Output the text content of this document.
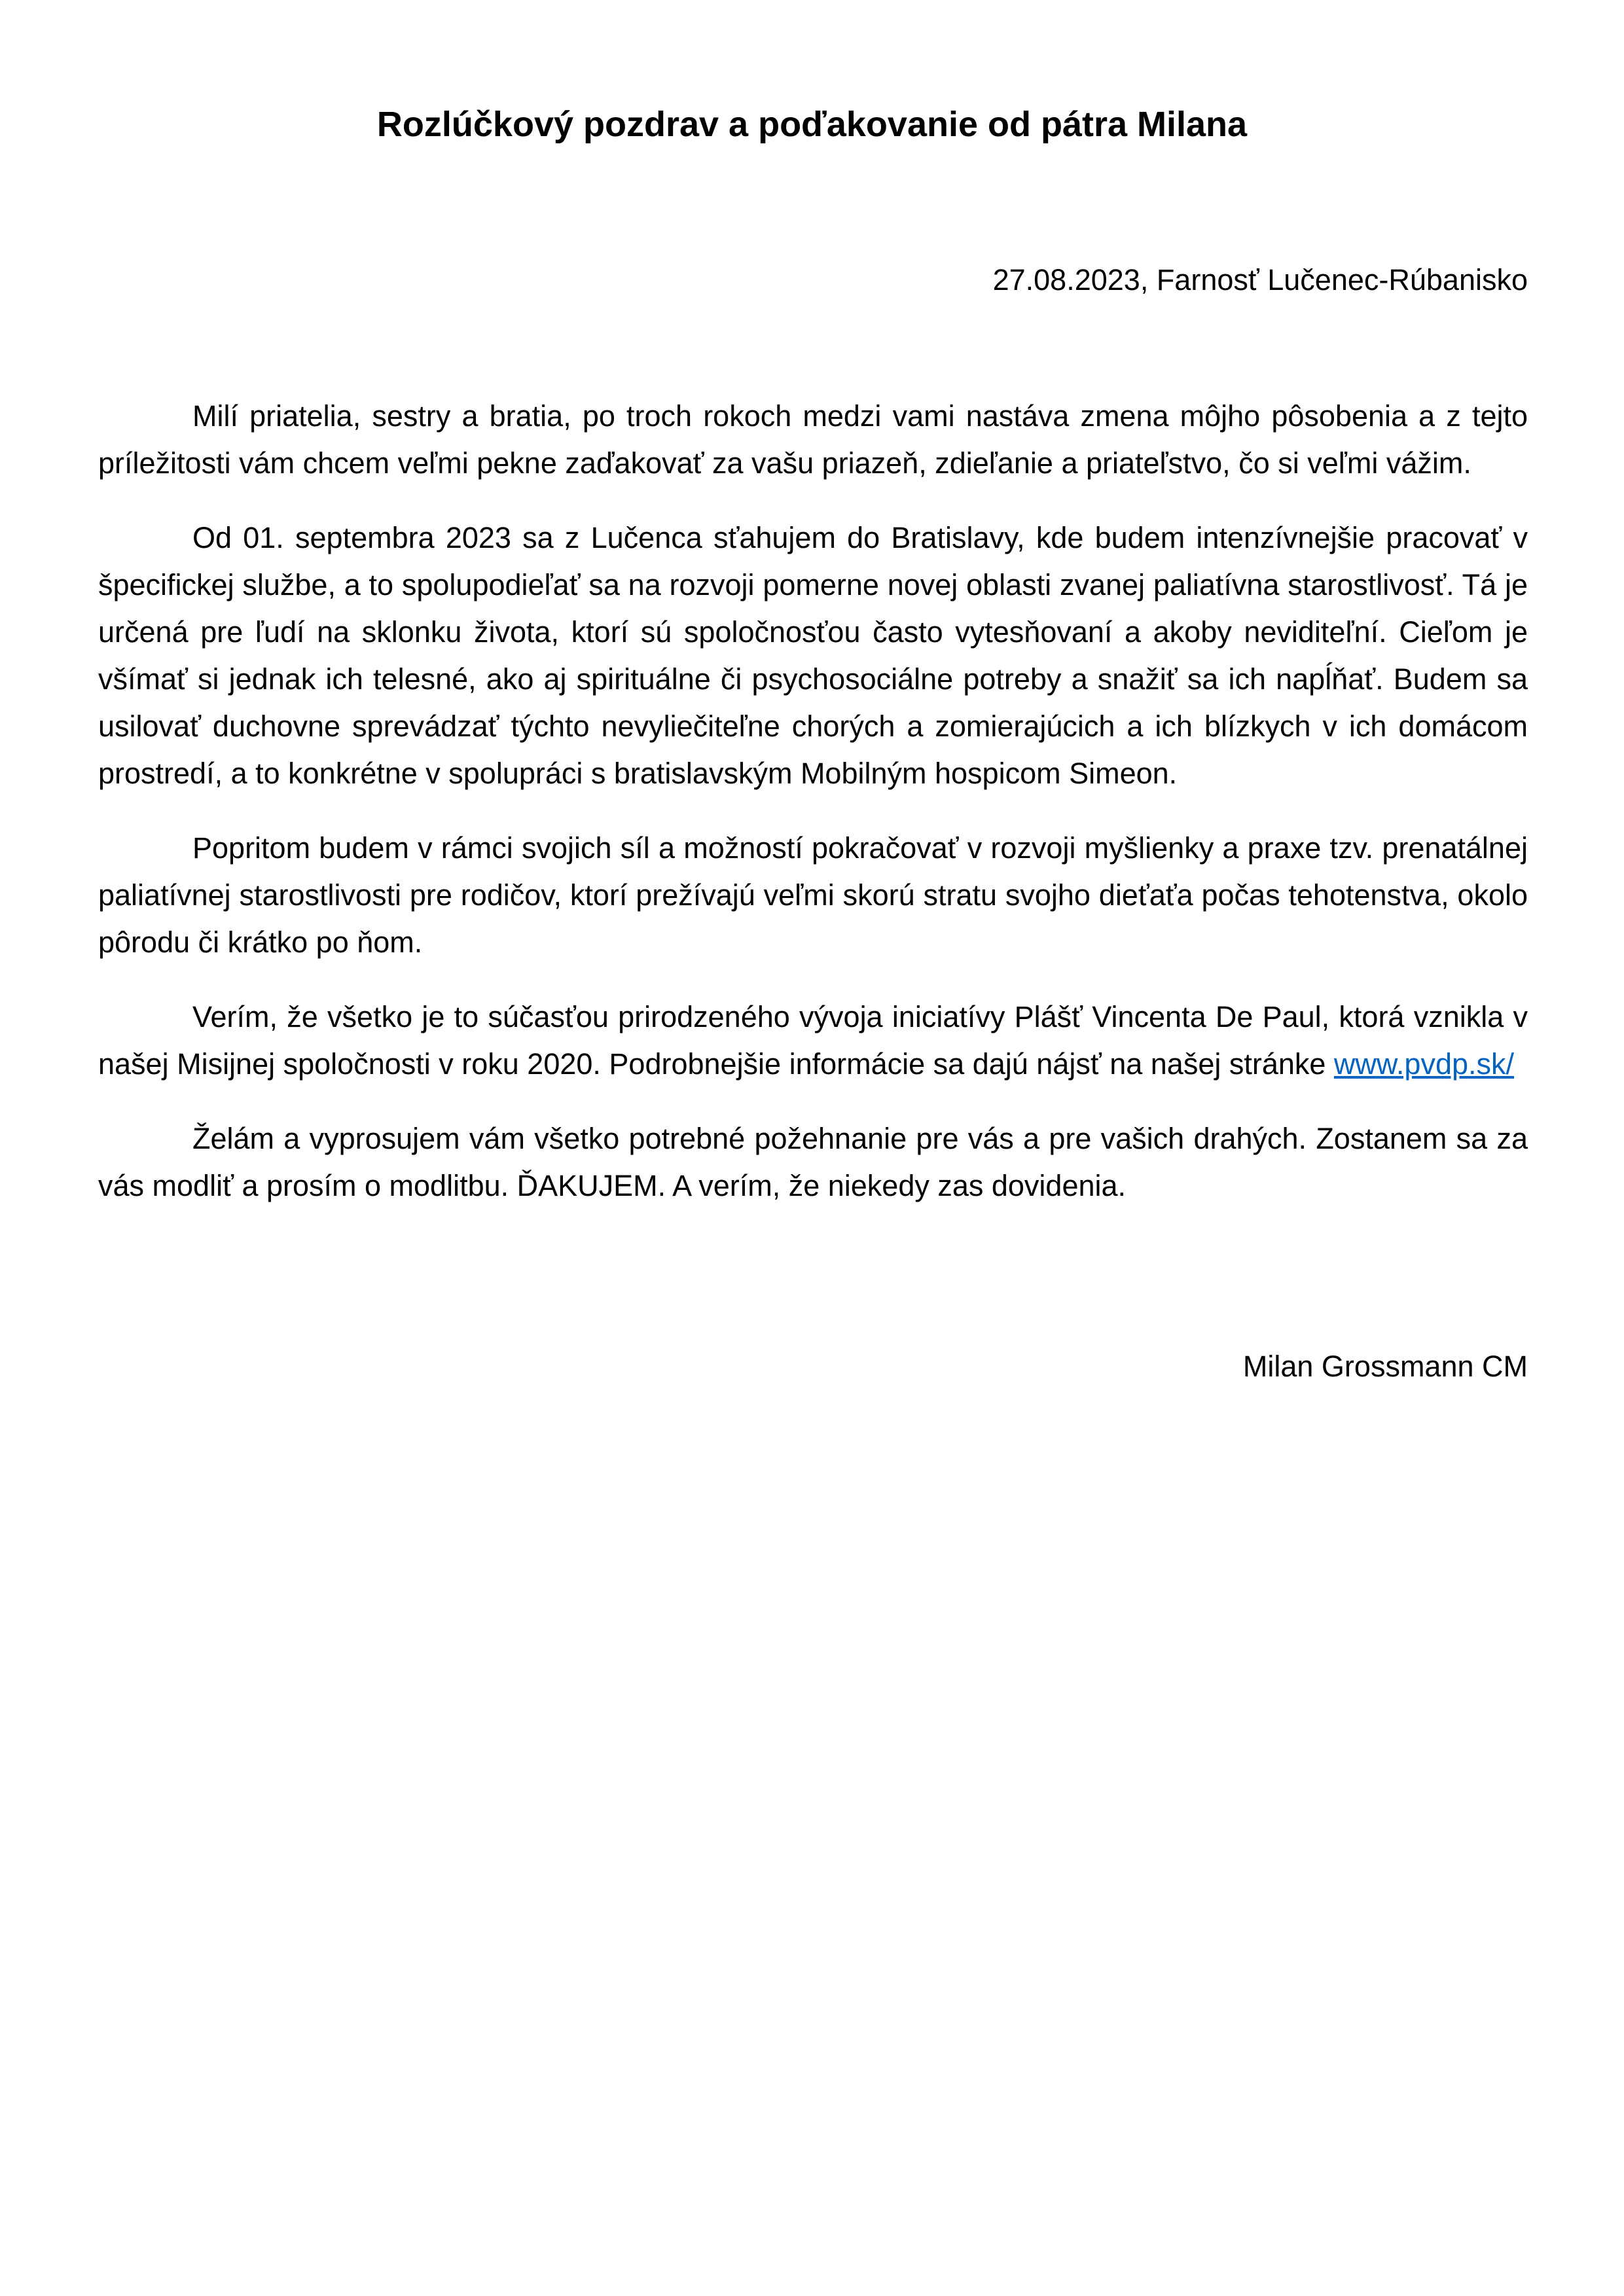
Rozlúčkový pozdrav a poďakovanie od pátra Milana
27.08.2023, Farnosť Lučenec-Rúbanisko

Milí priatelia, sestry a bratia, po troch rokoch medzi vami nastáva zmena môjho pôsobenia a z tejto príležitosti vám chcem veľmi pekne zaďakovať za vašu priazeň, zdieľanie a priateľstvo, čo si veľmi vážim.

Od 01. septembra 2023 sa z Lučenca sťahujem do Bratislavy, kde budem intenzívnejšie pracovať v špecifickej službe, a to spolupodieľať sa na rozvoji pomerne novej oblasti zvanej paliatívna starostlivosť. Tá je určená pre ľudí na sklonku života, ktorí sú spoločnosťou často vytesňovaní a akoby neviditeľní. Cieľom je všímať si jednak ich telesné, ako aj spirituálne či psychosociálne potreby a snažiť sa ich napĺňať. Budem sa usilovať duchovne sprevádzať týchto nevyliečiteľne chorých a zomierajúcich a ich blízkych v ich domácom prostredí, a to konkrétne v spolupráci s bratislavským Mobilným hospicom Simeon.

Popritom budem v rámci svojich síl a možností pokračovať v rozvoji myšlienky a praxe tzv. prenatálnej paliatívnej starostlivosti pre rodičov, ktorí prežívajú veľmi skorú stratu svojho dieťaťa počas tehotenstva, okolo pôrodu či krátko po ňom.

Verím, že všetko je to súčasťou prirodzeného vývoja iniciatívy Plášť Vincenta De Paul, ktorá vznikla v našej Misijnej spoločnosti v roku 2020. Podrobnejšie informácie sa dajú nájsť na našej stránke www.pvdp.sk/

Želám a vyprosujem vám všetko potrebné požehnanie pre vás a pre vašich drahých. Zostanem sa za vás modliť a prosím o modlitbu. ĎAKUJEM. A verím, že niekedy zas dovidenia.

Milan Grossmann CM
